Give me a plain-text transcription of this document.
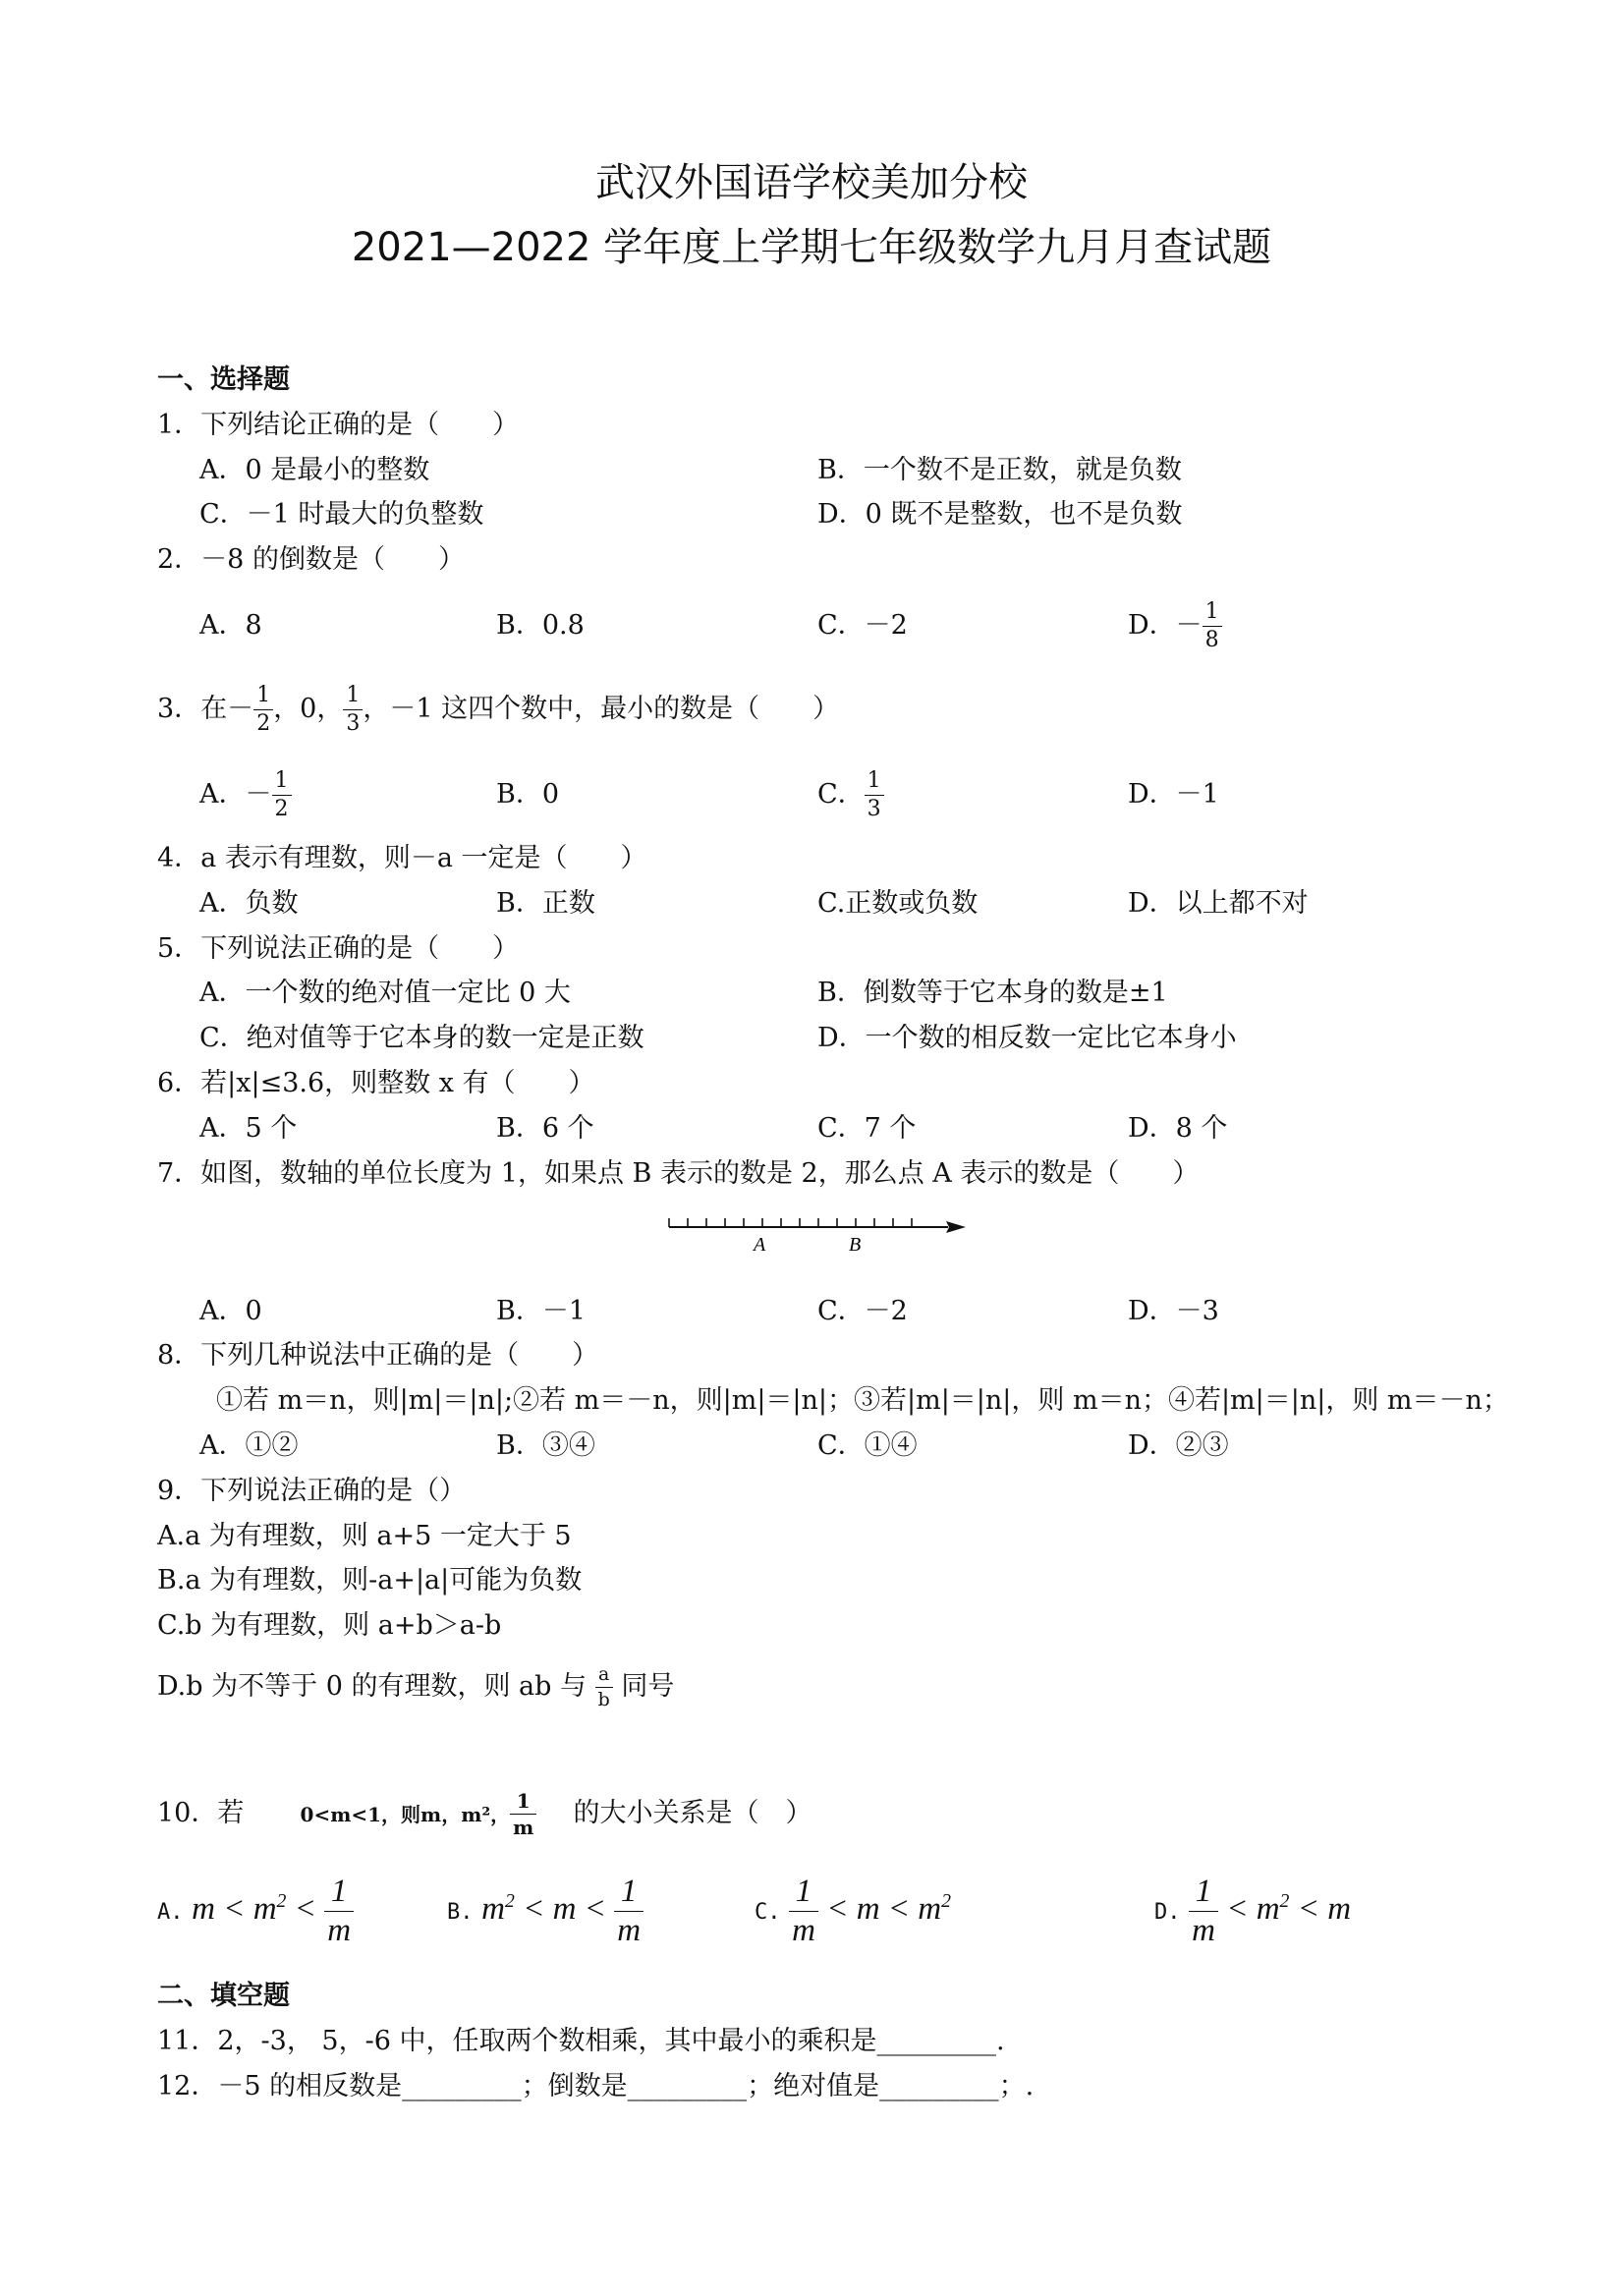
武汉外国语学校美加分校
2021—2022 学年度上学期七年级数学九月月查试题
一、选择题
1．下列结论正确的是（　　）
A．0 是最小的整数	B．一个数不是正数，就是负数
C．－1 时最大的负整数	D．0 既不是整数，也不是负数
2．－8 的倒数是（　　）
A．8	B．0.8	C．－2	D．－ $\frac{1}{8}$
3．在－ $\frac{1}{2}$ ，0， $\frac{1}{3}$ ，－1 这四个数中，最小的数是（　　）
A．－ $\frac{1}{2}$	B．0	C． $\frac{1}{3}$	D．－1
4．a 表示有理数，则－a 一定是（　　）
A．负数	B．正数	C.正数或负数	D．以上都不对
5．下列说法正确的是（　　）
A．一个数的绝对值一定比 0 大	B．倒数等于它本身的数是±1
C．绝对值等于它本身的数一定是正数	D．一个数的相反数一定比它本身小
6．若|x|≤3.6，则整数 x 有（　　）
A．5 个	B．6 个	C．7 个	D．8 个
7．如图，数轴的单位长度为 1，如果点 B 表示的数是 2，那么点 A 表示的数是（　　）
A	B
A．0	B．－1	C．－2	D．－3
8．下列几种说法中正确的是（　　）
①若 m＝n，则|m|＝|n|;②若 m＝－n，则|m|＝|n|；③若|m|＝|n|，则 m＝n；④若|m|＝|n|，则 m＝－n；
A．①②	B．③④	C．①④	D．②③
9．下列说法正确的是（）
A.a 为有理数，则 a+5 一定大于 5
B.a 为有理数，则-a+|a|可能为负数
C.b 为有理数，则 a+b＞a-b
D.b 为不等于 0 的有理数，则 ab 与 $\frac{a}{b}$ 同号
10．若	0<m<1，则m，m²， $\frac{1}{m}$ 的大小关系是（　）
A. $m < m^2 < \frac{1}{m}$	B. $m^2 < m < \frac{1}{m}$	C. $\frac{1}{m} < m < m^2$	D. $\frac{1}{m} < m^2 < m$
二、填空题
11．2，-3， 5，-6 中，任取两个数相乘，其中最小的乘积是_________.
12．－5 的相反数是_________；倒数是_________；绝对值是_________；.
